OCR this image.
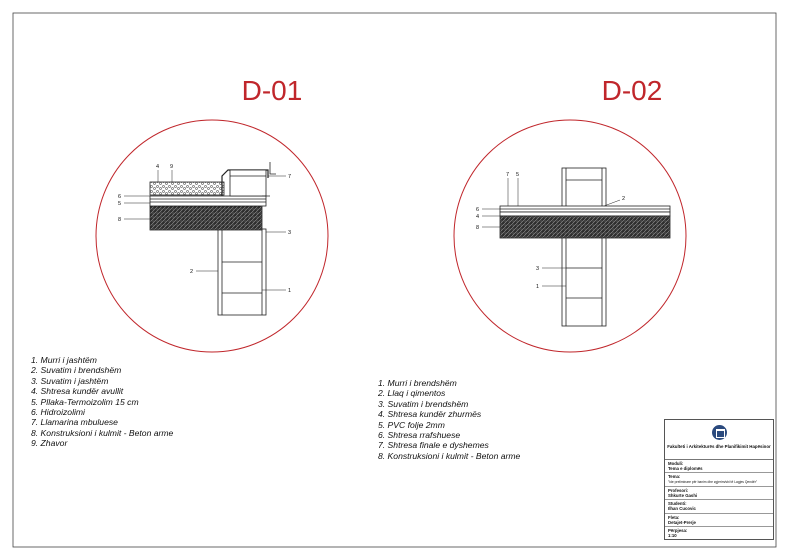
D-01
4 9
7
6
5
8
3
2
1
D-02
7 5
2
6
4
8
3
1
1. Murri i jashtëm
2. Suvatim i brendshëm
3. Suvatim i jashtëm
4. Shtresa kundër avullit
5. Pllaka-Termoizolim 15 cm
6. Hidroizolimi
7. Llamarina mbuluese
8. Konstruksioni i kulmit - Beton arme
9. Zhavor
1. Murri i brendshëm
2. Llaq i qimentos
3. Suvatim i brendshëm
4. Shtresa kundër zhurmës
5. PVC folje 2mm
6. Shtresa rrafshuese
7. Shtresa finale e dyshemes
8. Konstruksioni i kulmit - Beton arme
Fakulteti i Arkitekturës dhe Planifikimit Hapësinor
Moduli:
Tema e diplomës
Tema:
"Ide preliminare për banim dhe zgjerim/sbi të Lagjes Qendër"
Profesori:
Shkurte Gashi
Studenti:
Ilhan Cucovic
Fleta:
Detajet-Prerje
Përpjesa:
1:10
